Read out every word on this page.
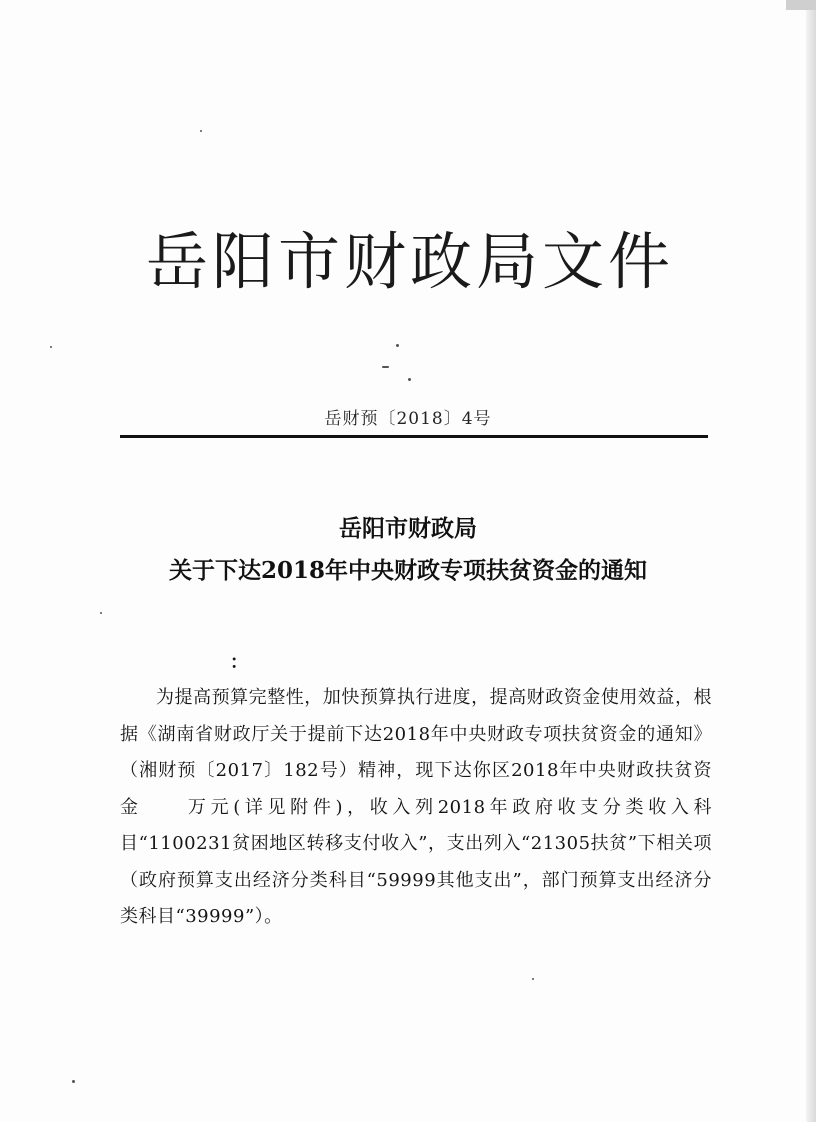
岳阳市财政局文件
岳财预〔2018〕4号
岳阳市财政局
关于下达2018年中央财政专项扶贫资金的通知
：

为提高预算完整性，加快预算执行进度，提高财政资金使用效益，根据《湖南省财政厅关于提前下达2018年中央财政专项扶贫资金的通知》（湘财预〔2017〕182号）精神，现下达你区2018年中央财政扶贫资金　　万元(详见附件)，收入列2018年政府收支分类收入科目“1100231贫困地区转移支付收入”，支出列入“21305扶贫”下相关项（政府预算支出经济分类科目“59999其他支出”，部门预算支出经济分类科目“39999”）。
